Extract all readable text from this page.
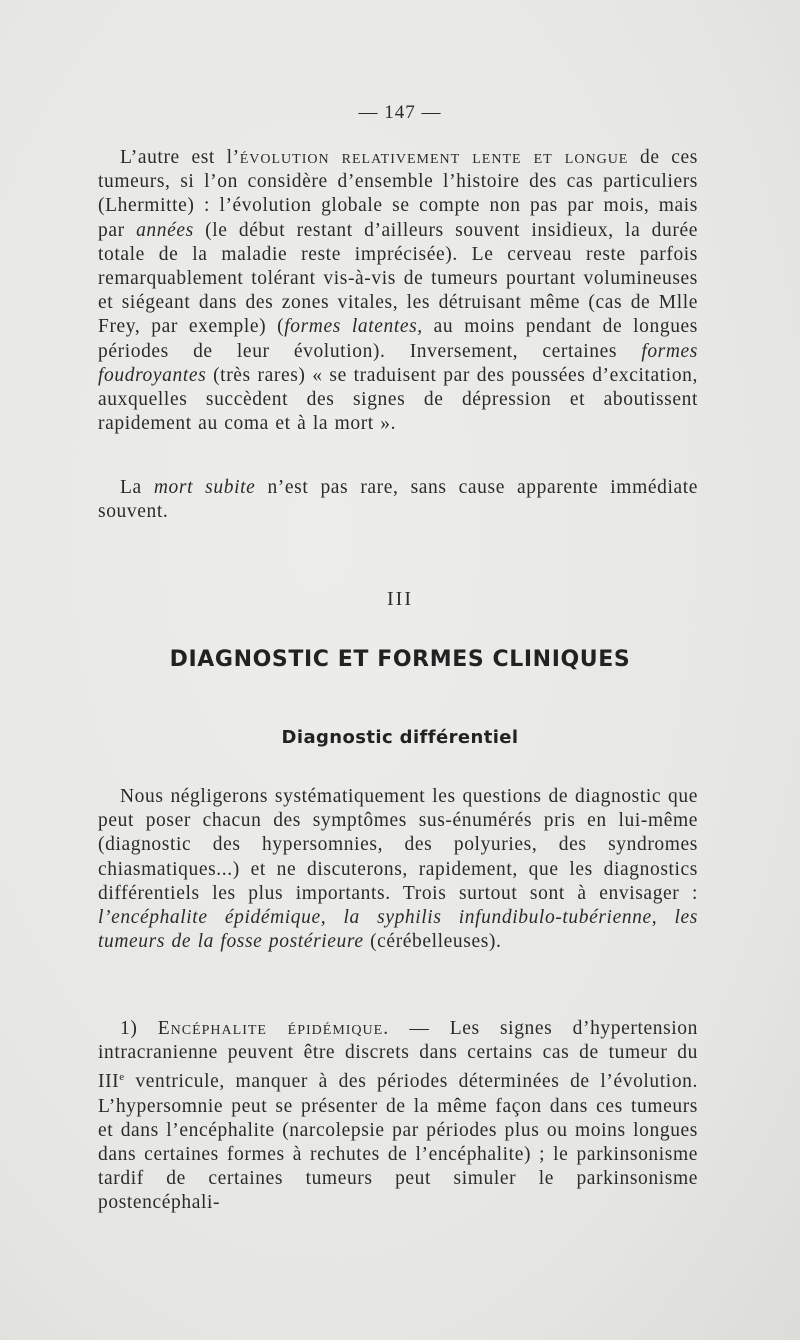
— 147 —

L’autre est l’évolution relativement lente et longue de ces tumeurs, si l’on considère d’ensemble l’histoire des cas particuliers (Lhermitte) : l’évolution globale se compte non pas par mois, mais par années (le début restant d’ailleurs souvent insidieux, la durée totale de la maladie reste imprécisée). Le cerveau reste parfois remarquablement tolérant vis-à-vis de tumeurs pourtant volumineuses et siégeant dans des zones vitales, les détruisant même (cas de Mlle Frey, par exemple) (formes latentes, au moins pendant de longues périodes de leur évolution). Inversement, certaines formes foudroyantes (très rares) « se traduisent par des poussées d’excitation, auxquelles succèdent des signes de dépression et aboutissent rapidement au coma et à la mort ».

La mort subite n’est pas rare, sans cause apparente immédiate souvent.

III
DIAGNOSTIC ET FORMES CLINIQUES
Diagnostic différentiel

Nous négligerons systématiquement les questions de diagnostic que peut poser chacun des symptômes sus-énumérés pris en lui-même (diagnostic des hypersomnies, des polyuries, des syndromes chiasmatiques...) et ne discuterons, rapidement, que les diagnostics différentiels les plus importants. Trois surtout sont à envisager : l’encéphalite épidémique, la syphilis infundibulo-tubérienne, les tumeurs de la fosse postérieure (cérébelleuses).

1) Encéphalite épidémique. — Les signes d’hypertension intracranienne peuvent être discrets dans certains cas de tumeur du IIIe ventricule, manquer à des périodes déterminées de l’évolution. L’hypersomnie peut se présenter de la même façon dans ces tumeurs et dans l’encéphalite (narcolepsie par périodes plus ou moins longues dans certaines formes à rechutes de l’encéphalite) ; le parkinsonisme tardif de certaines tumeurs peut simuler le parkinsonisme postencéphali-
